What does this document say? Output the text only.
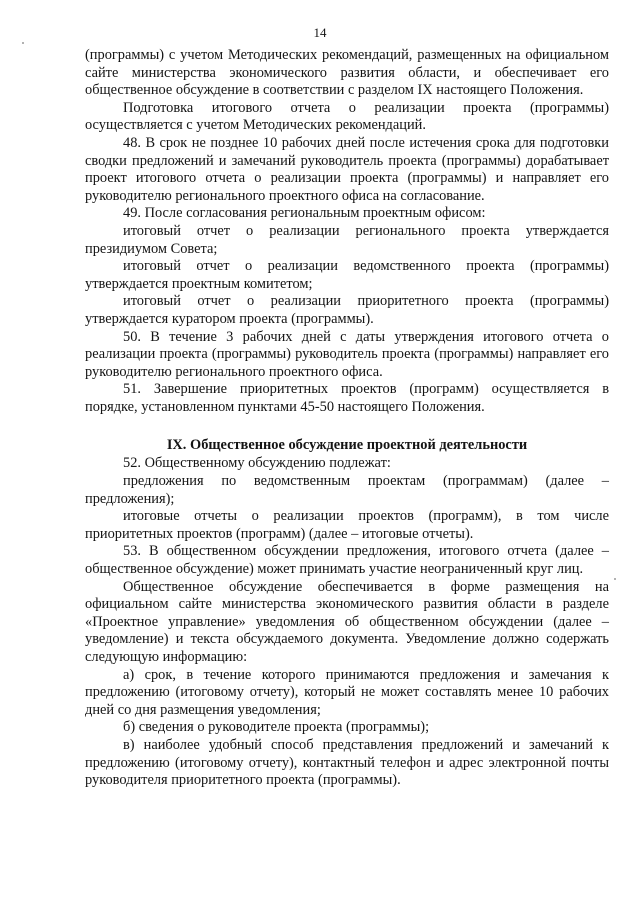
14

(программы) с учетом Методических рекомендаций, размещенных на официальном сайте министерства экономического развития области, и обеспечивает его общественное обсуждение в соответствии с разделом IX настоящего Положения.

Подготовка итогового отчета о реализации проекта (программы) осуществляется с учетом Методических рекомендаций.

48. В срок не позднее 10 рабочих дней после истечения срока для подготовки сводки предложений и замечаний руководитель проекта (программы) дорабатывает проект итогового отчета о реализации проекта (программы) и направляет его руководителю регионального проектного офиса на согласование.

49. После согласования региональным проектным офисом:

итоговый отчет о реализации регионального проекта утверждается президиумом Совета;

итоговый отчет о реализации ведомственного проекта (программы) утверждается проектным комитетом;

итоговый отчет о реализации приоритетного проекта (программы) утверждается куратором проекта (программы).

50. В течение 3 рабочих дней с даты утверждения итогового отчета о реализации проекта (программы) руководитель проекта (программы) направляет его руководителю регионального проектного офиса.

51. Завершение приоритетных проектов (программ) осуществляется в порядке, установленном пунктами 45-50 настоящего Положения.

IX. Общественное обсуждение проектной деятельности

52. Общественному обсуждению подлежат:

предложения по ведомственным проектам (программам) (далее – предложения);

итоговые отчеты о реализации проектов (программ), в том числе приоритетных проектов (программ) (далее – итоговые отчеты).

53. В общественном обсуждении предложения, итогового отчета (далее – общественное обсуждение) может принимать участие неограниченный круг лиц.

Общественное обсуждение обеспечивается в форме размещения на официальном сайте министерства экономического развития области в разделе «Проектное управление» уведомления об общественном обсуждении (далее – уведомление) и текста обсуждаемого документа. Уведомление должно содержать следующую информацию:

а) срок, в течение которого принимаются предложения и замечания к предложению (итоговому отчету), который не может составлять менее 10 рабочих дней со дня размещения уведомления;

б) сведения о руководителе проекта (программы);

в) наиболее удобный способ представления предложений и замечаний к предложению (итоговому отчету), контактный телефон и адрес электронной почты руководителя приоритетного проекта (программы).
